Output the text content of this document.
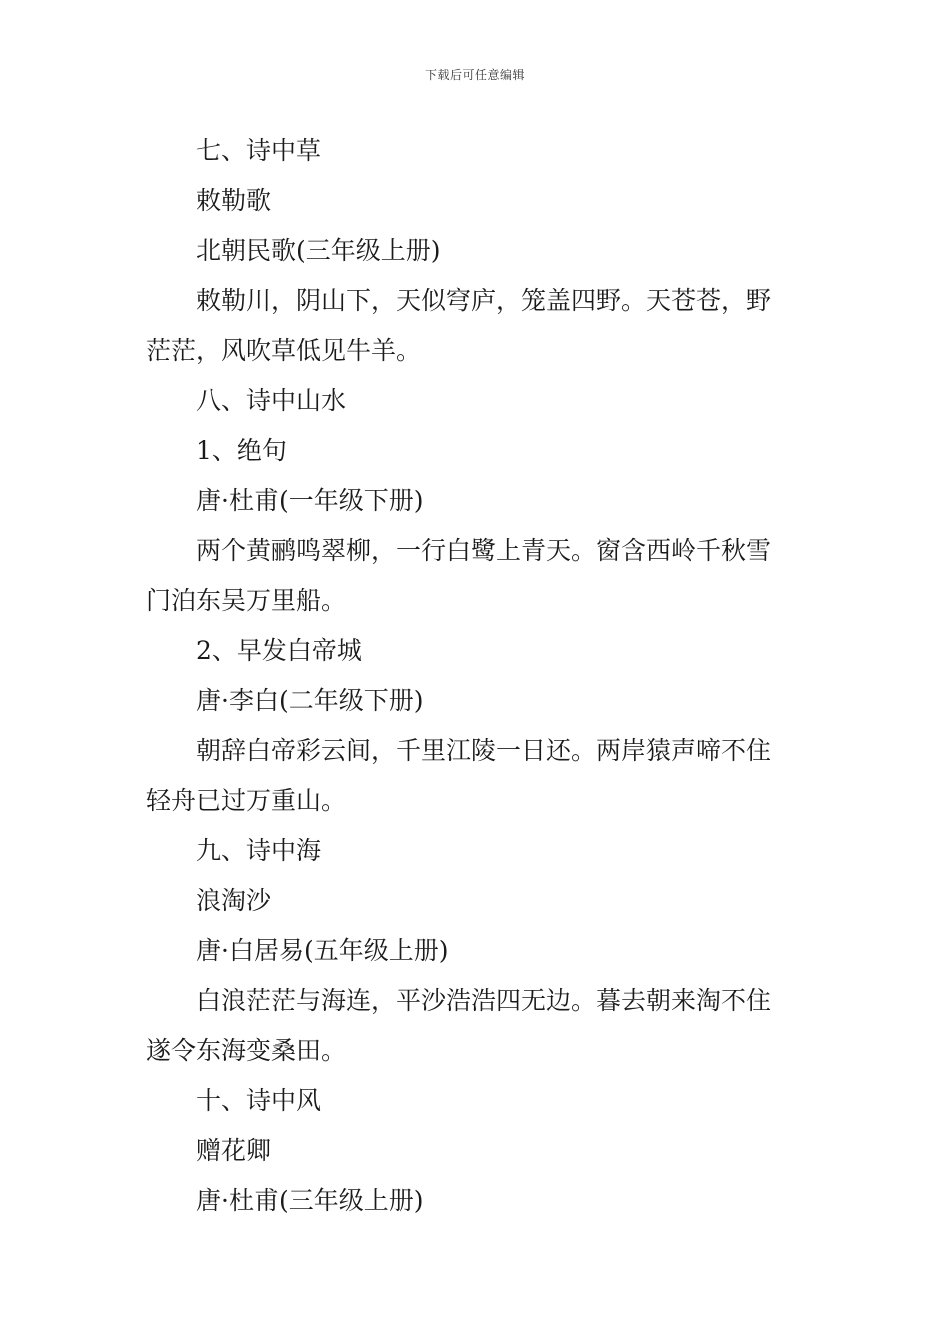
下载后可任意编辑
七、诗中草
敕勒歌
北朝民歌(三年级上册)
敕勒川，阴山下，天似穹庐，笼盖四野。天苍苍，野
茫茫，风吹草低见牛羊。
八、诗中山水
1、绝句
唐·杜甫(一年级下册)
两个黄鹂鸣翠柳，一行白鹭上青天。窗含西岭千秋雪
门泊东吴万里船。
2、早发白帝城
唐·李白(二年级下册)
朝辞白帝彩云间，千里江陵一日还。两岸猿声啼不住
轻舟已过万重山。
九、诗中海
浪淘沙
唐·白居易(五年级上册)
白浪茫茫与海连，平沙浩浩四无边。暮去朝来淘不住
遂令东海变桑田。
十、诗中风
赠花卿
唐·杜甫(三年级上册)
